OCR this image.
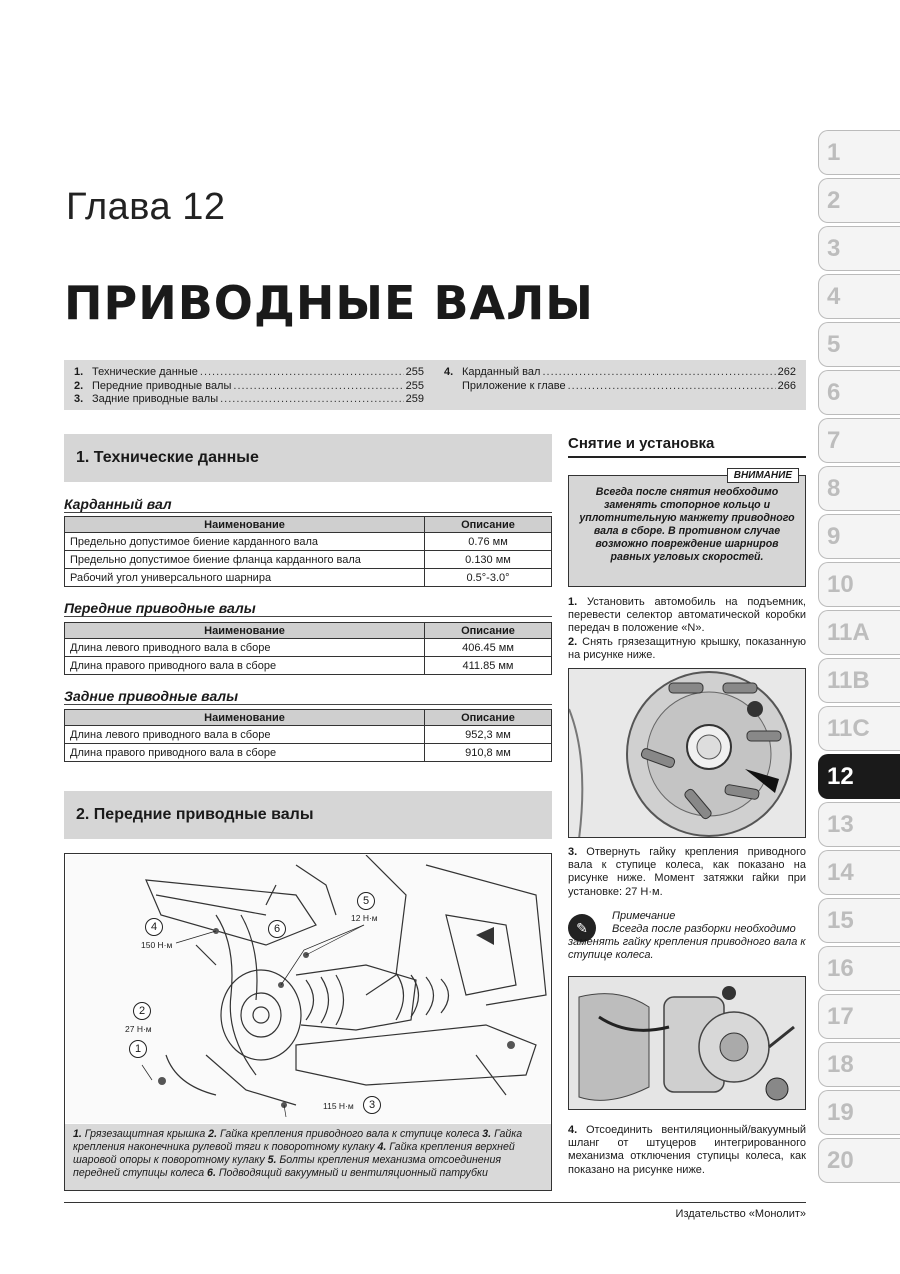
Глава 12
ПРИВОДНЫЕ ВАЛЫ
1. Технические данные .....	255
2. Передние приводные валы .....	255
3. Задние приводные валы .....	259
4. Карданный вал .....	262
Приложение к главе .....	266
1. Технические данные
Карданный вал
Наименование	Описание
Предельно допустимое биение карданного вала	0.76 мм
Предельно допустимое биение фланца карданного вала	0.130 мм
Рабочий угол универсального шарнира	0.5°-3.0°
Передние приводные валы
Наименование	Описание
Длина левого приводного вала в сборе	406.45 мм
Длина правого приводного вала в сборе	411.85 мм
Задние приводные валы
Наименование	Описание
Длина левого приводного вала в сборе	952,3 мм
Длина правого приводного вала в сборе	910,8 мм
2. Передние приводные валы
1
2
27 Н·м
3
115 Н·м
4
150 Н·м
5
12 Н·м
6
1. Грязезащитная крышка 2. Гайка крепления приводного вала к ступице колеса 3. Гайка крепления наконечника рулевой тяги к поворотному кулаку 4. Гайка крепления верхней шаровой опоры к поворотному кулаку 5. Болты крепления механизма отсоединения передней ступицы колеса 6. Подводящий вакуумный и вентиляционный патрубки
Снятие и установка
ВНИМАНИЕ
Всегда после снятия необходимо заменять стопорное кольцо и уплотнительную манжету приводного вала в сборе. В противном случае возможно повреждение шарниров равных угловых скоростей.
1. Установить автомобиль на подъемник, перевести селектор автоматической коробки передач в положение «N».
2. Снять грязезащитную крышку, показанную на рисунке ниже.
3. Отвернуть гайку крепления приводного вала к ступице колеса, как показано на рисунке ниже. Момент затяжки гайки при установке: 27 Н·м.
✎
Примечание
Всегда после разборки необходимо заменять гайку крепления приводного вала к ступице колеса.
4. Отсоединить вентиляционный/вакуумный шланг от штуцеров интегрированного механизма отключения ступицы колеса, как показано на рисунке ниже.
1
2
3
4
5
6
7
8
9
10
11A
11B
11C
12
13
14
15
16
17
18
19
20
Издательство «Монолит»
